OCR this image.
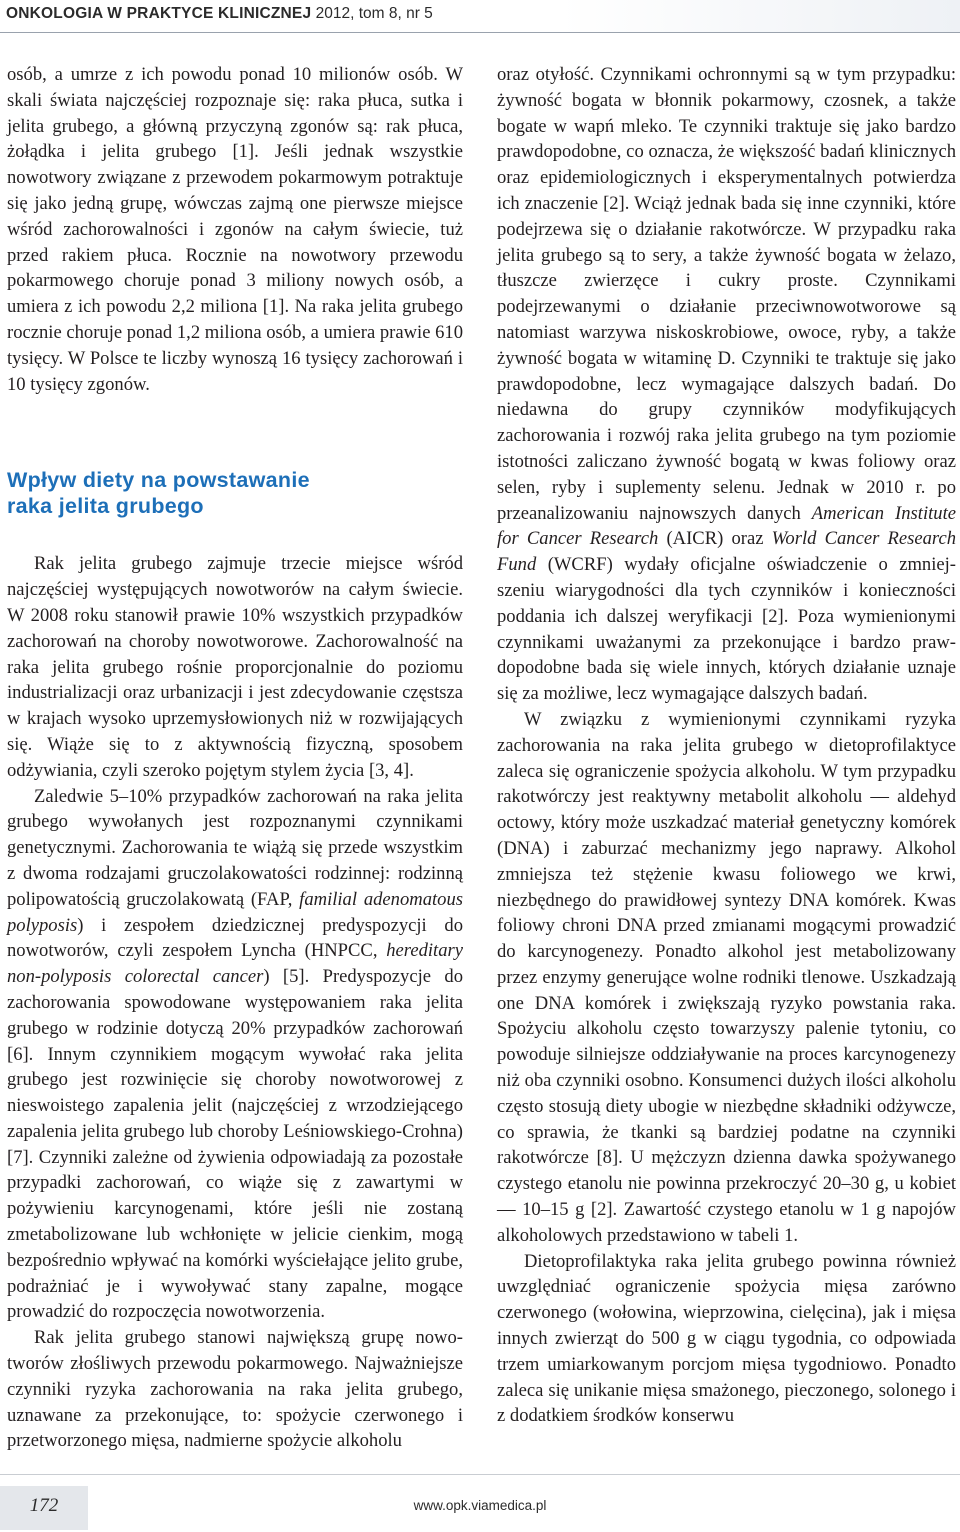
ONKOLOGIA W PRAKTYCE KLINICZNEJ 2012, tom 8, nr 5

osób, a umrze z ich powodu ponad 10 milionów osób. W skali świata najczęściej rozpoznaje się: raka płuca, sutka i jelita grubego, a główną przyczyną zgonów są: rak płuca, żołądka i jelita grubego [1]. Jeśli jednak wszystkie nowotwory związane z przewodem pokarmowym potraktuje się jako jedną grupę, wówczas zajmą one pierwsze miejsce wśród zachorowalności i zgonów na całym świecie, tuż przed rakiem płuca. Rocznie na nowotwory przewodu pokarmowego choruje ponad 3 miliony nowych osób, a umiera z ich powodu 2,2 miliona [1]. Na raka jelita grubego rocznie choruje ponad 1,2 miliona osób, a umiera prawie 610 tysięcy. W Polsce te liczby wynoszą 16 tysięcy zachorowań i 10 tysięcy zgonów.

Wpływ diety na powstawanie
raka jelita grubego

Rak jelita grubego zajmuje trzecie miejsce wśród najczęściej występujących nowotworów na całym świecie. W 2008 roku stanowił prawie 10% wszystkich przypadków zachorowań na choroby nowotworowe. Zachorowalność na raka jelita grubego rośnie proporcjonalnie do poziomu industrializacji oraz urbanizacji i jest zdecydowanie częstsza w krajach wysoko uprzemysłowionych niż w rozwijających się. Wiąże się to z aktywnością fizyczną, sposobem odżywiania, czyli szeroko pojętym stylem życia [3, 4].

Zaledwie 5–10% przypadków zachorowań na raka jelita grubego wywołanych jest rozpoznanymi czynnikami genetycznymi. Zachorowania te wiążą się przede wszystkim z dwoma rodzajami gruczolakowatości rodzinnej: rodzinną polipowatością gruczolakowatą (FAP, familial adenomatous polyposis) i zespołem dziedzicznej predyspozycji do nowotworów, czyli zespołem Lyncha (HNPCC, hereditary non-polyposis colorectal cancer) [5]. Predyspozycje do zachorowania spowodowane występowaniem raka jelita grubego w rodzinie dotyczą 20% przypadków zachorowań [6]. Innym czynnikiem mogącym wywołać raka jelita grubego jest rozwinięcie się choroby nowotworowej z nieswoistego zapalenia jelit (najczęściej z wrzodziejącego zapalenia jelita grubego lub choroby Leśniowskiego-Crohna) [7]. Czynniki zależne od żywienia odpowiadają za pozostałe przypadki zachorowań, co wiąże się z zawartymi w pożywieniu karcynogenami, które jeśli nie zostaną zmetabolizowane lub wchłonięte w jelicie cienkim, mogą bezpośrednio wpływać na komórki wyściełające jelito grube, podrażniać je i wywoływać stany zapalne, mogące prowadzić do rozpoczęcia nowotworzenia.

Rak jelita grubego stanowi największą grupę nowotworów złośliwych przewodu pokarmowego. Najważniejsze czynniki ryzyka zachorowania na raka jelita grubego, uznawane za przekonujące, to: spożycie czerwonego i przetworzonego mięsa, nadmierne spożycie alkoholu

oraz otyłość. Czynnikami ochronnymi są w tym przypadku: żywność bogata w błonnik pokarmowy, czosnek, a także bogate w wapń mleko. Te czynniki traktuje się jako bardzo prawdopodobne, co oznacza, że większość badań klinicznych oraz epidemiologicznych i eksperymentalnych potwierdza ich znaczenie [2]. Wciąż jednak bada się inne czynniki, które podejrzewa się o działanie rakotwórcze. W przypadku raka jelita grubego są to sery, a także żywność bogata w żelazo, tłuszcze zwierzęce i cukry proste. Czynnikami podejrzewanymi o działanie przeciwnowotworowe są natomiast warzywa niskoskrobiowe, owoce, ryby, a także żywność bogata w witaminę D. Czynniki te traktuje się jako prawdopodobne, lecz wymagające dalszych badań. Do niedawna do grupy czynników modyfikujących zachorowania i rozwój raka jelita grubego na tym poziomie istotności zaliczano żywność bogatą w kwas foliowy oraz selen, ryby i suplementy selenu. Jednak w 2010 r. po przeanalizowaniu najnowszych danych American Institute for Cancer Research (AICR) oraz World Cancer Research Fund (WCRF) wydały oficjalne oświadczenie o zmniejszeniu wiarygodności dla tych czynników i konieczności poddania ich dalszej weryfikacji [2]. Poza wymienionymi czynnikami uważanymi za przekonujące i bardzo prawdopodobne bada się wiele innych, których działanie uznaje się za możliwe, lecz wymagające dalszych badań.

W związku z wymienionymi czynnikami ryzyka zachorowania na raka jelita grubego w dietoprofilaktyce zaleca się ograniczenie spożycia alkoholu. W tym przypadku rakotwórczy jest reaktywny metabolit alkoholu — aldehyd octowy, który może uszkadzać materiał genetyczny komórek (DNA) i zaburzać mechanizmy jego naprawy. Alkohol zmniejsza też stężenie kwasu foliowego we krwi, niezbędnego do prawidłowej syntezy DNA komórek. Kwas foliowy chroni DNA przed zmianami mogącymi prowadzić do karcynogenezy. Ponadto alkohol jest metabolizowany przez enzymy generujące wolne rodniki tlenowe. Uszkadzają one DNA komórek i zwiększają ryzyko powstania raka. Spożyciu alkoholu często towarzyszy palenie tytoniu, co powoduje silniejsze oddziaływanie na proces karcynogenezy niż oba czynniki osobno. Konsumenci dużych ilości alkoholu często stosują diety ubogie w niezbędne składniki odżywcze, co sprawia, że tkanki są bardziej podatne na czynniki rakotwórcze [8]. U mężczyzn dzienna dawka spożywanego czystego etanolu nie powinna przekroczyć 20–30 g, u kobiet — 10–15 g [2]. Zawartość czystego etanolu w 1 g napojów alkoholowych przedstawiono w tabeli 1.

Dietoprofilaktyka raka jelita grubego powinna również uwzględniać ograniczenie spożycia mięsa zarówno czerwonego (wołowina, wieprzowina, cielęcina), jak i mięsa innych zwierząt do 500 g w ciągu tygodnia, co odpowiada trzem umiarkowanym porcjom mięsa tygodniowo. Ponadto zaleca się unikanie mięsa smażonego, pieczonego, solonego i z dodatkiem środków konserwu

172	www.opk.viamedica.pl
